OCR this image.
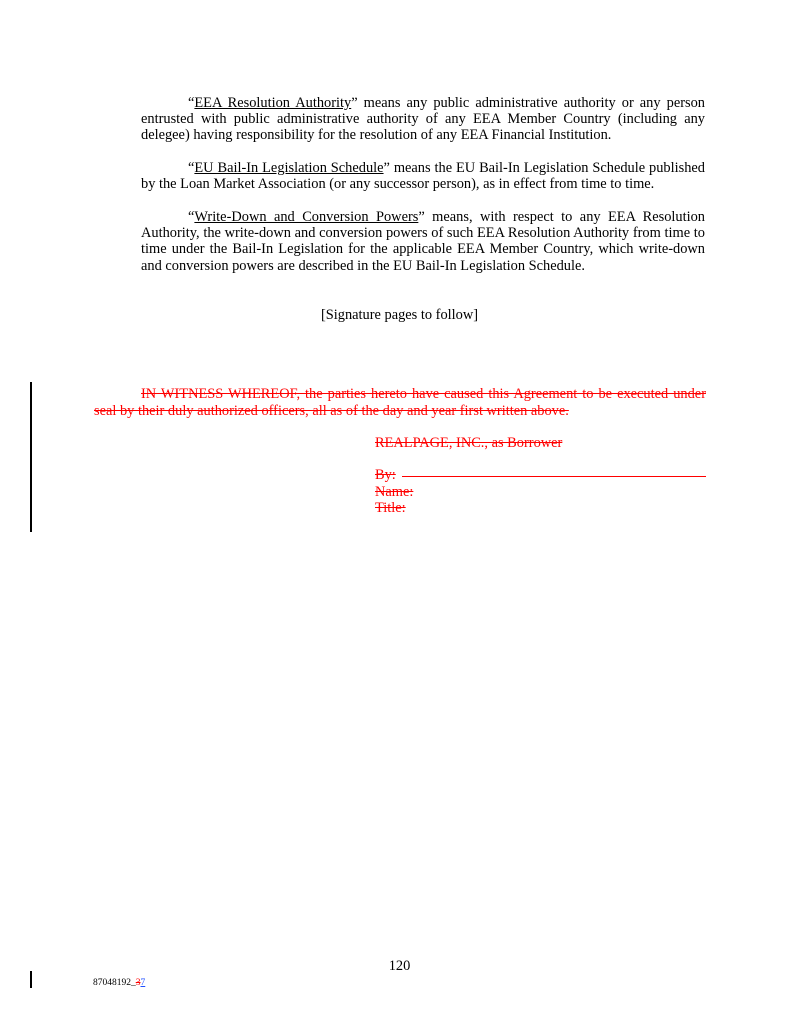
“EEA Resolution Authority” means any public administrative authority or any person entrusted with public administrative authority of any EEA Member Country (including any delegee) having responsibility for the resolution of any EEA Financial Institution.

“EU Bail-In Legislation Schedule” means the EU Bail-In Legislation Schedule published by the Loan Market Association (or any successor person), as in effect from time to time.

“Write-Down and Conversion Powers” means, with respect to any EEA Resolution Authority, the write-down and conversion powers of such EEA Resolution Authority from time to time under the Bail-In Legislation for the applicable EEA Member Country, which write-down and conversion powers are described in the EU Bail-In Legislation Schedule.

[Signature pages to follow]

IN WITNESS WHEREOF, the parties hereto have caused this Agreement to be executed under seal by their duly authorized officers, all as of the day and year first written above.

REALPAGE, INC., as Borrower
By:
Name:
Title:
120
87048192_37
